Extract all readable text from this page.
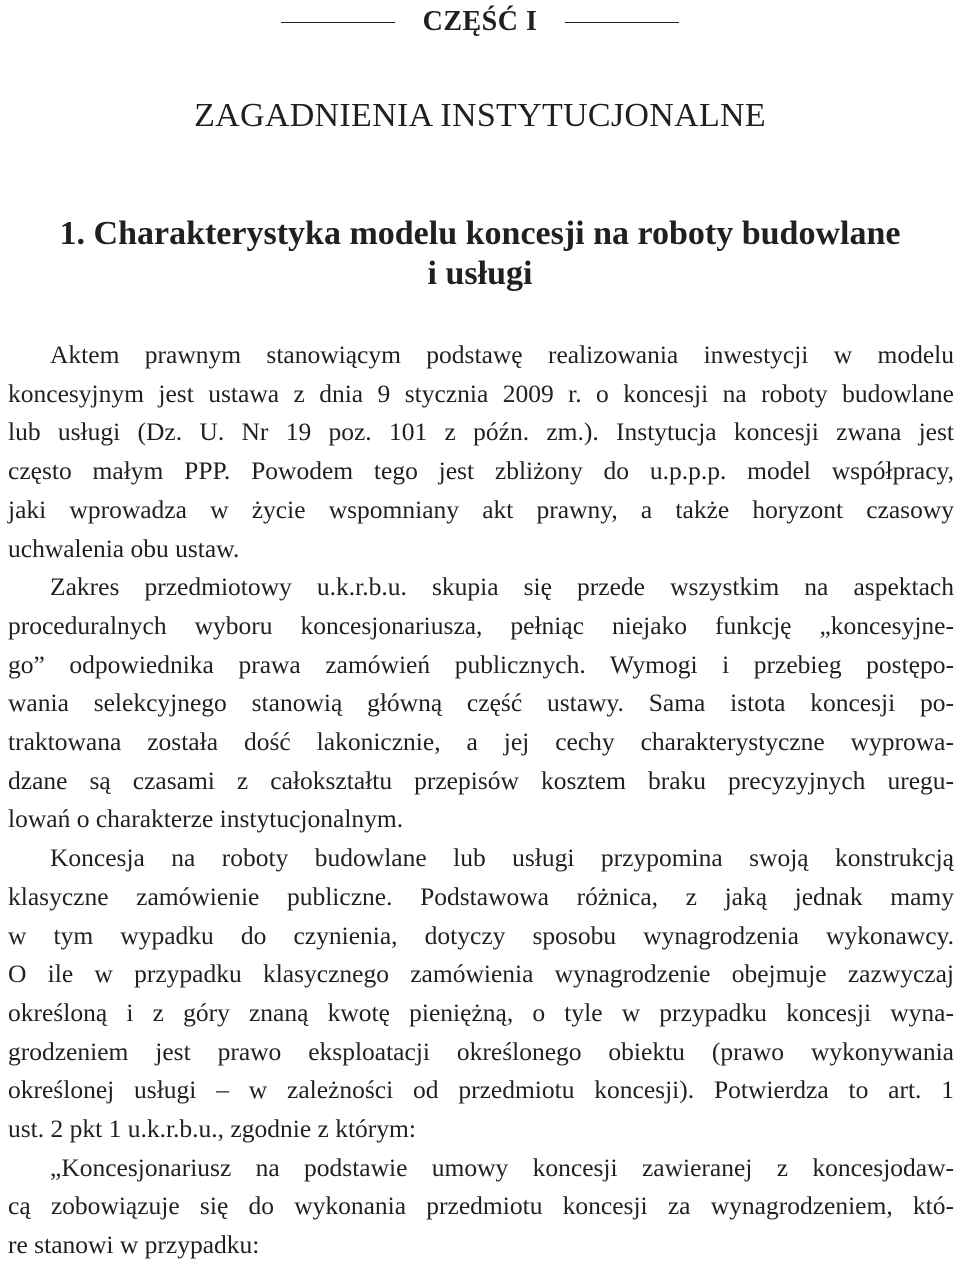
CZĘŚĆ I
ZAGADNIENIA INSTYTUCJONALNE
1. Charakterystyka modelu koncesji na roboty budowlane
i usługi
Aktem prawnym stanowiącym podstawę realizowania inwestycji w modelu
koncesyjnym jest ustawa z dnia 9 stycznia 2009 r. o koncesji na roboty budowlane
lub usługi (Dz. U. Nr 19 poz. 101 z późn. zm.). Instytucja koncesji zwana jest
często małym PPP. Powodem tego jest zbliżony do u.p.p.p. model współpracy,
jaki wprowadza w życie wspomniany akt prawny, a także horyzont czasowy
uchwalenia obu ustaw.
Zakres przedmiotowy u.k.r.b.u. skupia się przede wszystkim na aspektach
proceduralnych wyboru koncesjonariusza, pełniąc niejako funkcję „koncesyjne-
go” odpowiednika prawa zamówień publicznych. Wymogi i przebieg postępo-
wania selekcyjnego stanowią główną część ustawy. Sama istota koncesji po-
traktowana została dość lakonicznie, a jej cechy charakterystyczne wyprowa-
dzane są czasami z całokształtu przepisów kosztem braku precyzyjnych uregu-
lowań o charakterze instytucjonalnym.
Koncesja na roboty budowlane lub usługi przypomina swoją konstrukcją
klasyczne zamówienie publiczne. Podstawowa różnica, z jaką jednak mamy
w tym wypadku do czynienia, dotyczy sposobu wynagrodzenia wykonawcy.
O ile w przypadku klasycznego zamówienia wynagrodzenie obejmuje zazwyczaj
określoną i z góry znaną kwotę pieniężną, o tyle w przypadku koncesji wyna-
grodzeniem jest prawo eksploatacji określonego obiektu (prawo wykonywania
określonej usługi – w zależności od przedmiotu koncesji). Potwierdza to art. 1
ust. 2 pkt 1 u.k.r.b.u., zgodnie z którym:
„Koncesjonariusz na podstawie umowy koncesji zawieranej z koncesjodaw-
cą zobowiązuje się do wykonania przedmiotu koncesji za wynagrodzeniem, któ-
re stanowi w przypadku:
